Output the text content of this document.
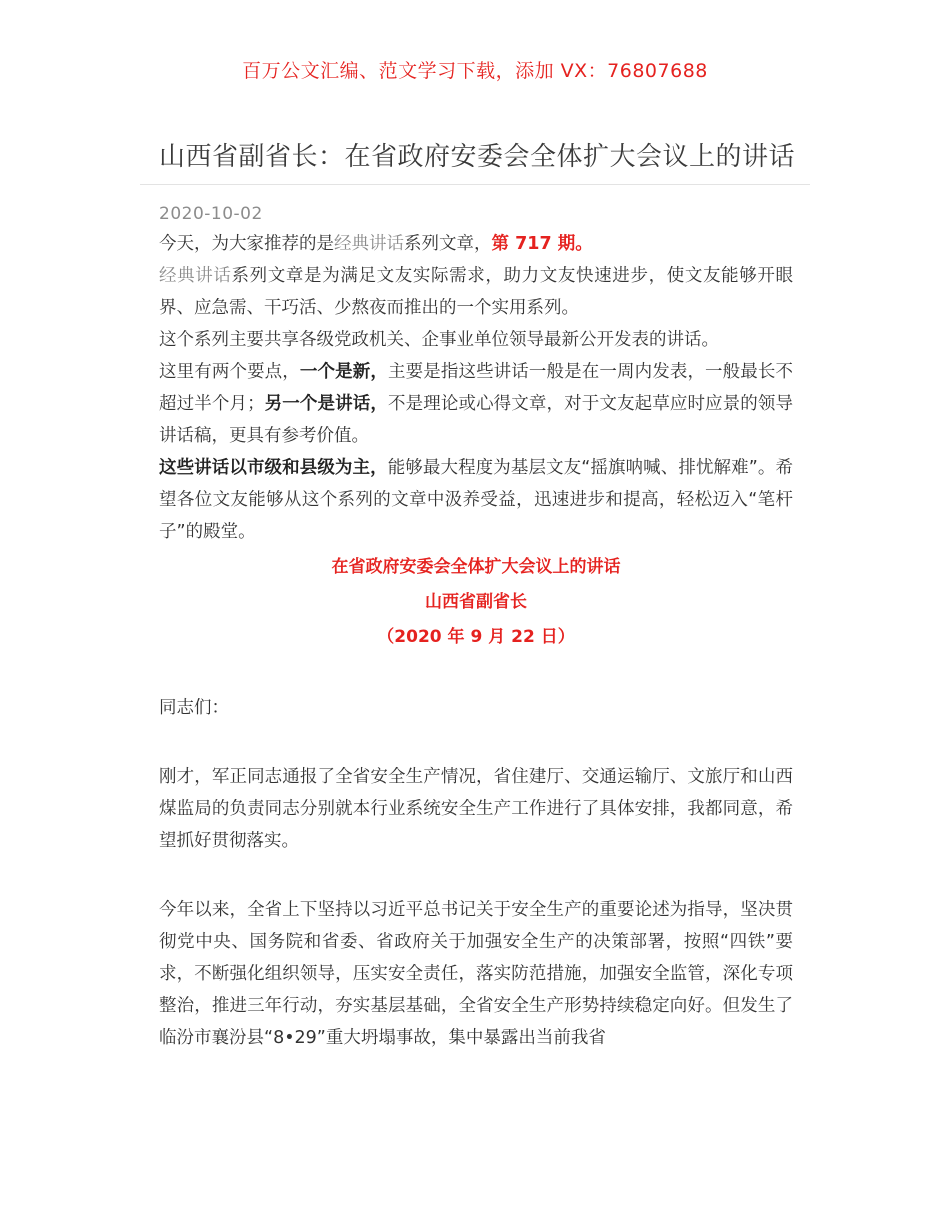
百万公文汇编、范文学习下载，添加 VX：76807688
山西省副省长：在省政府安委会全体扩大会议上的讲话
2020-10-02

今天，为大家推荐的是经典讲话系列文章，第 717 期。

经典讲话系列文章是为满足文友实际需求，助力文友快速进步，使文友能够开眼界、应急需、干巧活、少熬夜而推出的一个实用系列。

这个系列主要共享各级党政机关、企事业单位领导最新公开发表的讲话。

这里有两个要点，一个是新，主要是指这些讲话一般是在一周内发表，一般最长不超过半个月；另一个是讲话，不是理论或心得文章，对于文友起草应时应景的领导讲话稿，更具有参考价值。

这些讲话以市级和县级为主，能够最大程度为基层文友“摇旗呐喊、排忧解难”。希望各位文友能够从这个系列的文章中汲养受益，迅速进步和提高，轻松迈入“笔杆子”的殿堂。

在省政府安委会全体扩大会议上的讲话

山西省副省长

（2020 年 9 月 22 日）

同志们：

刚才，军正同志通报了全省安全生产情况，省住建厅、交通运输厅、文旅厅和山西煤监局的负责同志分别就本行业系统安全生产工作进行了具体安排，我都同意，希望抓好贯彻落实。

今年以来，全省上下坚持以习近平总书记关于安全生产的重要论述为指导，坚决贯彻党中央、国务院和省委、省政府关于加强安全生产的决策部署，按照“四铁”要求，不断强化组织领导，压实安全责任，落实防范措施，加强安全监管，深化专项整治，推进三年行动，夯实基层基础，全省安全生产形势持续稳定向好。但发生了临汾市襄汾县“8•29”重大坍塌事故，集中暴露出当前我省
